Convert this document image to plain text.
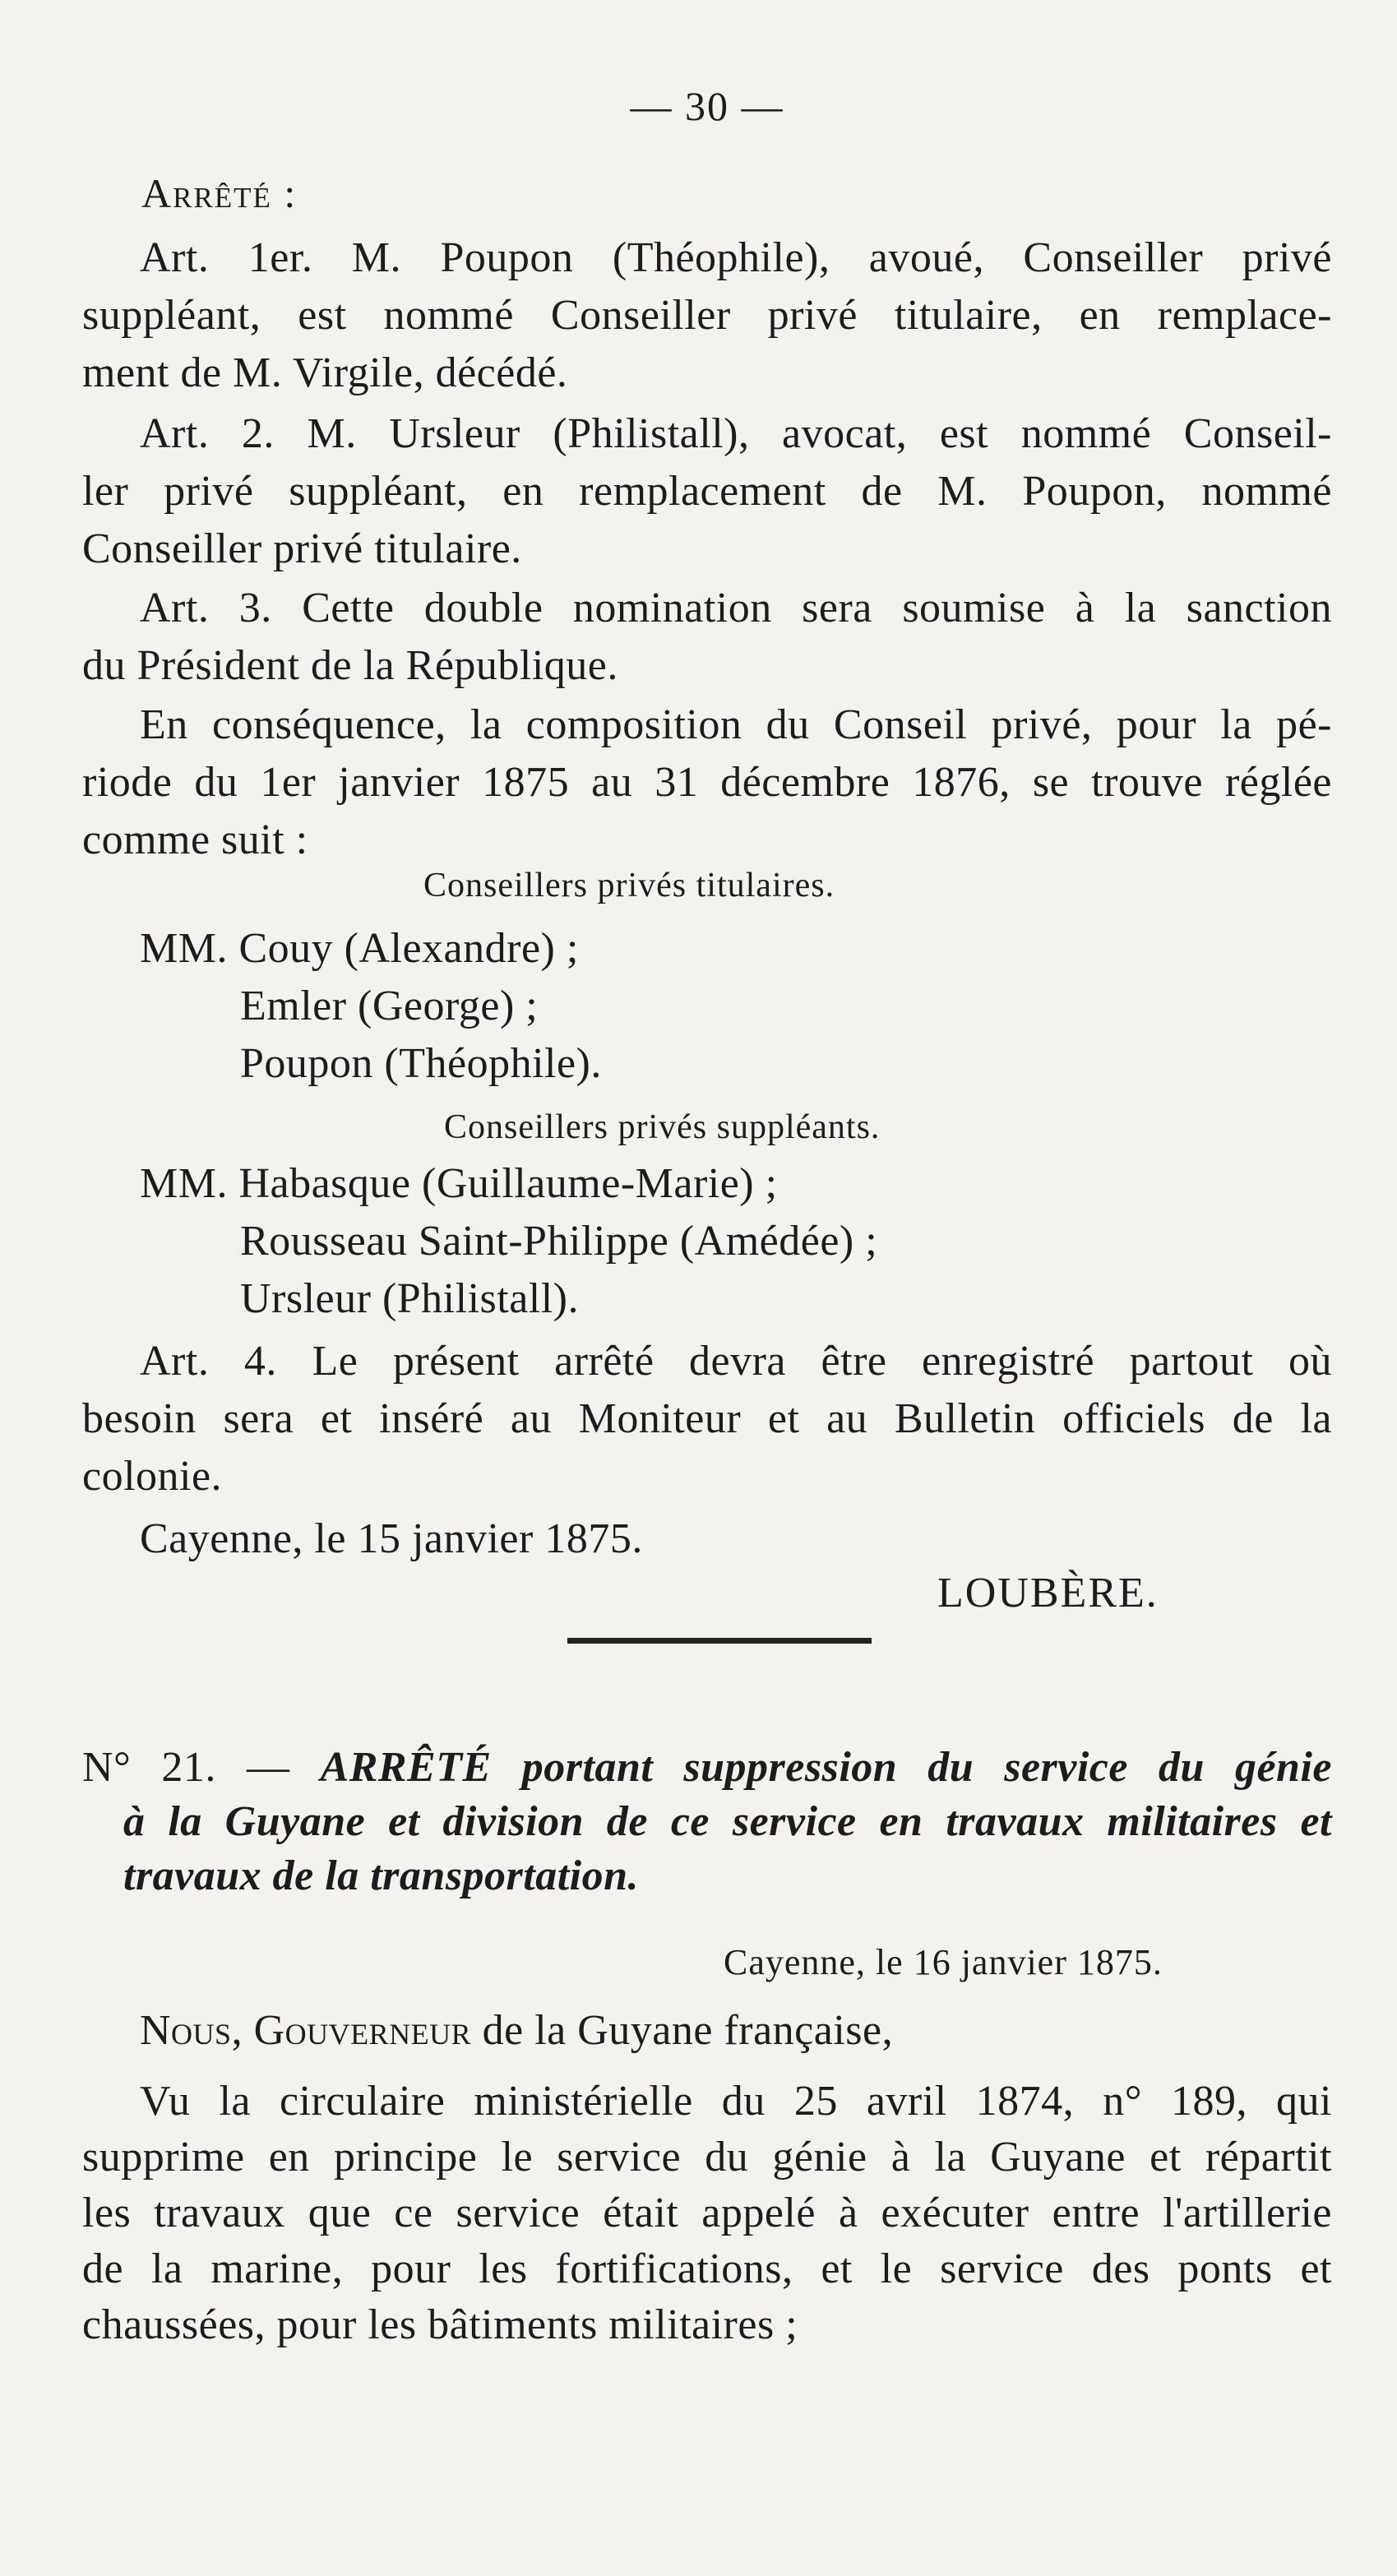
— 30 —
Arrêté :
Art. 1er. M. Poupon (Théophile), avoué, Conseiller privé
suppléant, est nommé Conseiller privé titulaire, en remplace-
ment de M. Virgile, décédé.
Art. 2. M. Ursleur (Philistall), avocat, est nommé Conseil-
ler privé suppléant, en remplacement de M. Poupon, nommé
Conseiller privé titulaire.
Art. 3. Cette double nomination sera soumise à la sanction
du Président de la République.
En conséquence, la composition du Conseil privé, pour la pé-
riode du 1er janvier 1875 au 31 décembre 1876, se trouve réglée
comme suit :
Conseillers privés titulaires.
MM. Couy (Alexandre) ;
Emler (George) ;
Poupon (Théophile).
Conseillers privés suppléants.
MM. Habasque (Guillaume-Marie) ;
Rousseau Saint-Philippe (Amédée) ;
Ursleur (Philistall).
Art. 4. Le présent arrêté devra être enregistré partout où
besoin sera et inséré au Moniteur et au Bulletin officiels de la
colonie.
Cayenne, le 15 janvier 1875.
LOUBÈRE.
N° 21. — ARRÊTÉ portant suppression du service du génie
à la Guyane et division de ce service en travaux militaires et
travaux de la transportation.
Cayenne, le 16 janvier 1875.
Nous, Gouverneur de la Guyane française,
Vu la circulaire ministérielle du 25 avril 1874, n° 189, qui
supprime en principe le service du génie à la Guyane et répartit
les travaux que ce service était appelé à exécuter entre l'artillerie
de la marine, pour les fortifications, et le service des ponts et
chaussées, pour les bâtiments militaires ;
